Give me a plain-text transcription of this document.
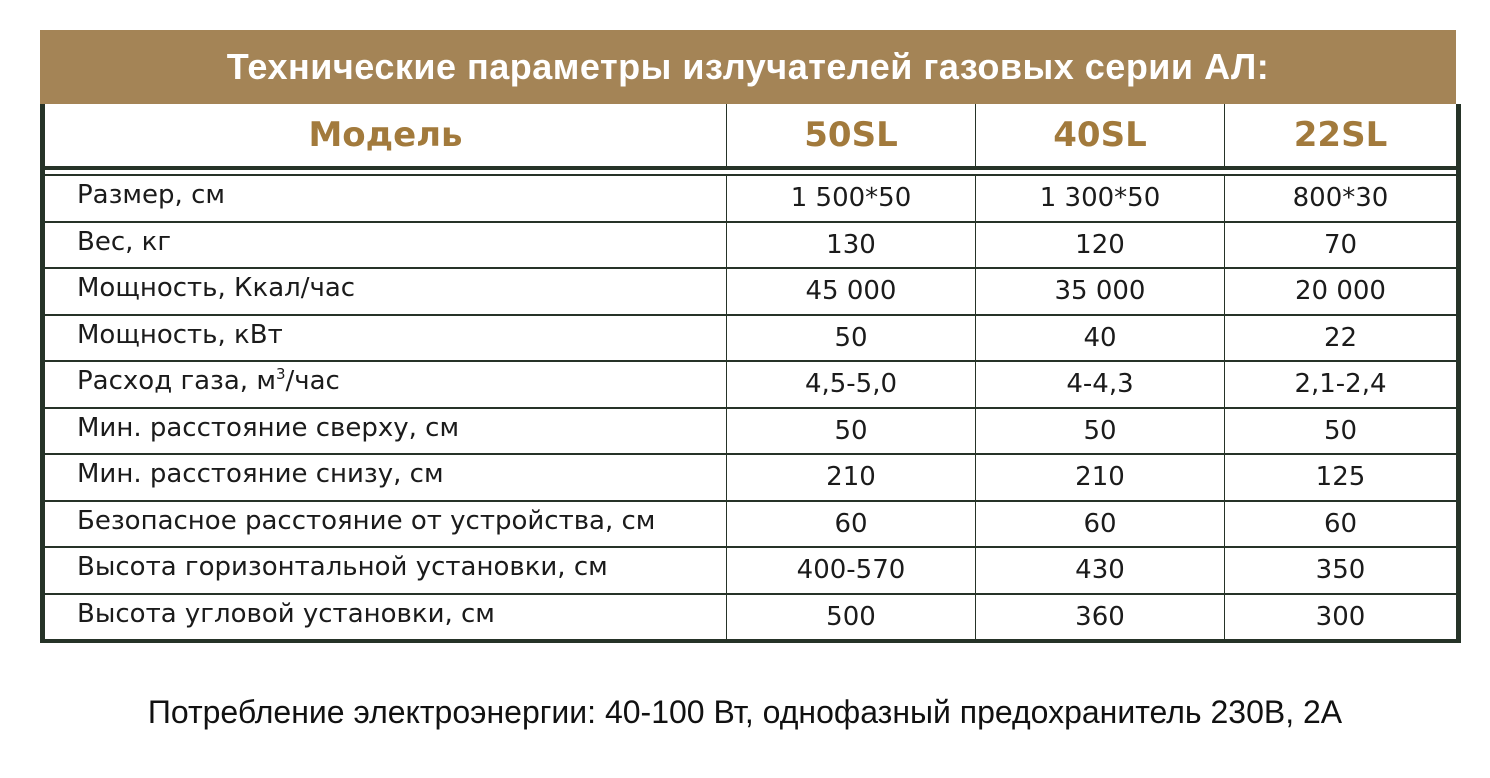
Технические параметры излучателей газовых серии АЛ:
Модель	50SL	40SL	22SL

Размер, см	1 500*50	1 300*50	800*30
Вес, кг	130	120	70
Мощность, Ккал/час	45 000	35 000	20 000
Мощность, кВт	50	40	22
Расход газа, $м^3$/час	4,5-5,0	4-4,3	2,1-2,4
Мин. расстояние сверху, см	50	50	50
Мин. расстояние снизу, см	210	210	125
Безопасное расстояние от устройства, см	60	60	60
Высота горизонтальной установки, см	400-570	430	350
Высота угловой установки, см	500	360	300
Потребление электроэнергии: 40-100 Вт, однофазный предохранитель 230В, 2А
